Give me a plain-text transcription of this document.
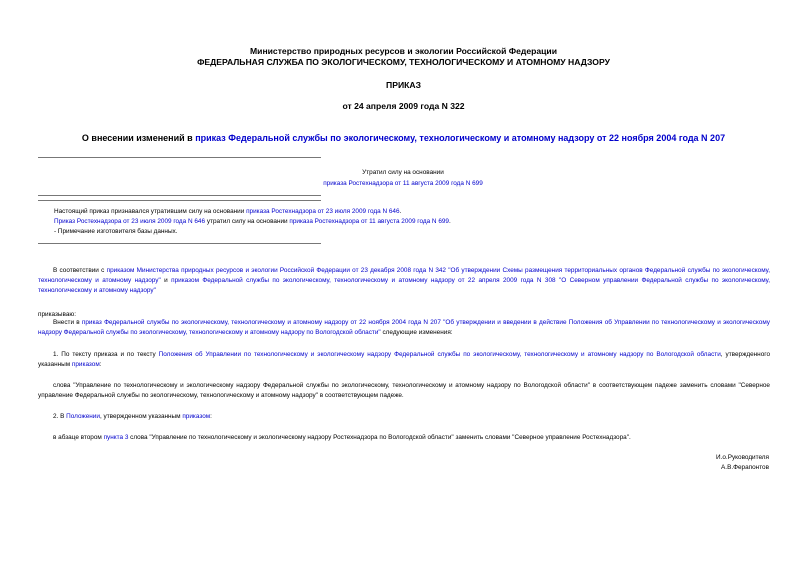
Министерство природных ресурсов и экологии Российской Федерации
ФЕДЕРАЛЬНАЯ СЛУЖБА ПО ЭКОЛОГИЧЕСКОМУ, ТЕХНОЛОГИЧЕСКОМУ И АТОМНОМУ НАДЗОРУ
ПРИКАЗ
от 24 апреля 2009 года N 322
О внесении изменений в приказ Федеральной службы по экологическому, технологическому и атомному надзору от 22 ноября 2004 года N 207
Утратил силу на основании
приказа Ростехнадзора от 11 августа 2009 года N 699
Настоящий приказ признавался утратившим силу на основании приказа Ростехнадзора от 23 июля 2009 года N 646.
Приказ Ростехнадзора от 23 июля 2009 года N 646 утратил силу на основании приказа Ростехнадзора от 11 августа 2009 года N 699.
- Примечание изготовителя базы данных.
В соответствии с приказом Министерства природных ресурсов и экологии Российской Федерации от 23 декабря 2008 года N 342 "Об утверждении Схемы размещения территориальных органов Федеральной службы по экологическому, технологическому и атомному надзору" и приказом Федеральной службы по экологическому, технологическому и атомному надзору от 22 апреля 2009 года N 308 "О Северном управлении Федеральной службы по экологическому, технологическому и атомному надзору"
приказываю:
Внести в приказ Федеральной службы по экологическому, технологическому и атомному надзору от 22 ноября 2004 года N 207 "Об утверждении и введении в действие Положения об Управлении по технологическому и экологическому надзору Федеральной службы по экологическому, технологическому и атомному надзору по Вологодской области" следующие изменения:
1. По тексту приказа и по тексту Положения об Управлении по технологическому и экологическому надзору Федеральной службы по экологическому, технологическому и атомному надзору по Вологодской области, утвержденного указанным приказом:
слова "Управление по технологическому и экологическому надзору Федеральной службы по экологическому, технологическому и атомному надзору по Вологодской области" в соответствующем падеже заменить словами "Северное управление Федеральной службы по экологическому, технологическому и атомному надзору" в соответствующем падеже.
2. В Положении, утвержденном указанным приказом:
в абзаце втором пункта 3 слова "Управление по технологическому и экологическому надзору Ростехнадзора по Вологодской области" заменить словами "Северное управление Ростехнадзора".
И.о.Руководителя
А.В.Ферапонтов
